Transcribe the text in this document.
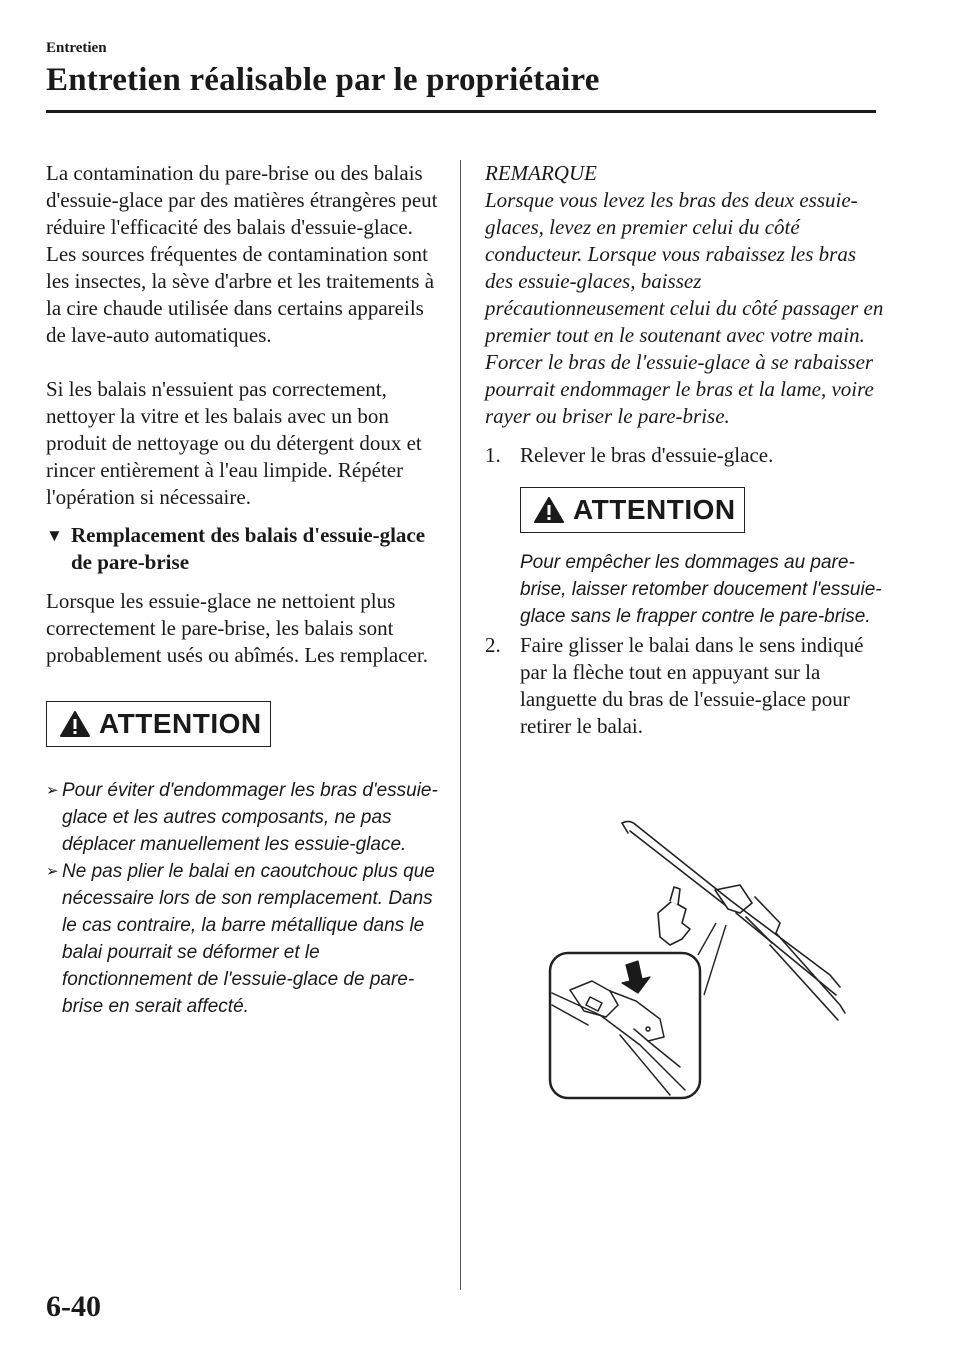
Entretien
Entretien réalisable par le propriétaire

La contamination du pare-brise ou des balais d'essuie-glace par des matières étrangères peut réduire l'efficacité des balais d'essuie-glace. Les sources fréquentes de contamination sont les insectes, la sève d'arbre et les traitements à la cire chaude utilisée dans certains appareils de lave-auto automatiques.

Si les balais n'essuient pas correctement, nettoyer la vitre et les balais avec un bon produit de nettoyage ou du détergent doux et rincer entièrement à l'eau limpide. Répéter l'opération si nécessaire.

▼ Remplacement des balais d'essuie-glace de pare-brise

Lorsque les essuie-glace ne nettoient plus correctement le pare-brise, les balais sont probablement usés ou abîmés. Les remplacer.

ATTENTION
➢ Pour éviter d'endommager les bras d'essuie-glace et les autres composants, ne pas déplacer manuellement les essuie-glace.
➢ Ne pas plier le balai en caoutchouc plus que nécessaire lors de son remplacement. Dans le cas contraire, la barre métallique dans le balai pourrait se déformer et le fonctionnement de l'essuie-glace de pare-brise en serait affecté.
REMARQUE

Lorsque vous levez les bras des deux essuie-glaces, levez en premier celui du côté conducteur. Lorsque vous rabaissez les bras des essuie-glaces, baissez précautionneusement celui du côté passager en premier tout en le soutenant avec votre main. Forcer le bras de l'essuie-glace à se rabaisser pourrait endommager le bras et la lame, voire rayer ou briser le pare-brise.

1. Relever le bras d'essuie-glace.
ATTENTION

Pour empêcher les dommages au pare-brise, laisser retomber doucement l'essuie-glace sans le frapper contre le pare-brise.

2. Faire glisser le balai dans le sens indiqué par la flèche tout en appuyant sur la languette du bras de l'essuie-glace pour retirer le balai.
6-40
